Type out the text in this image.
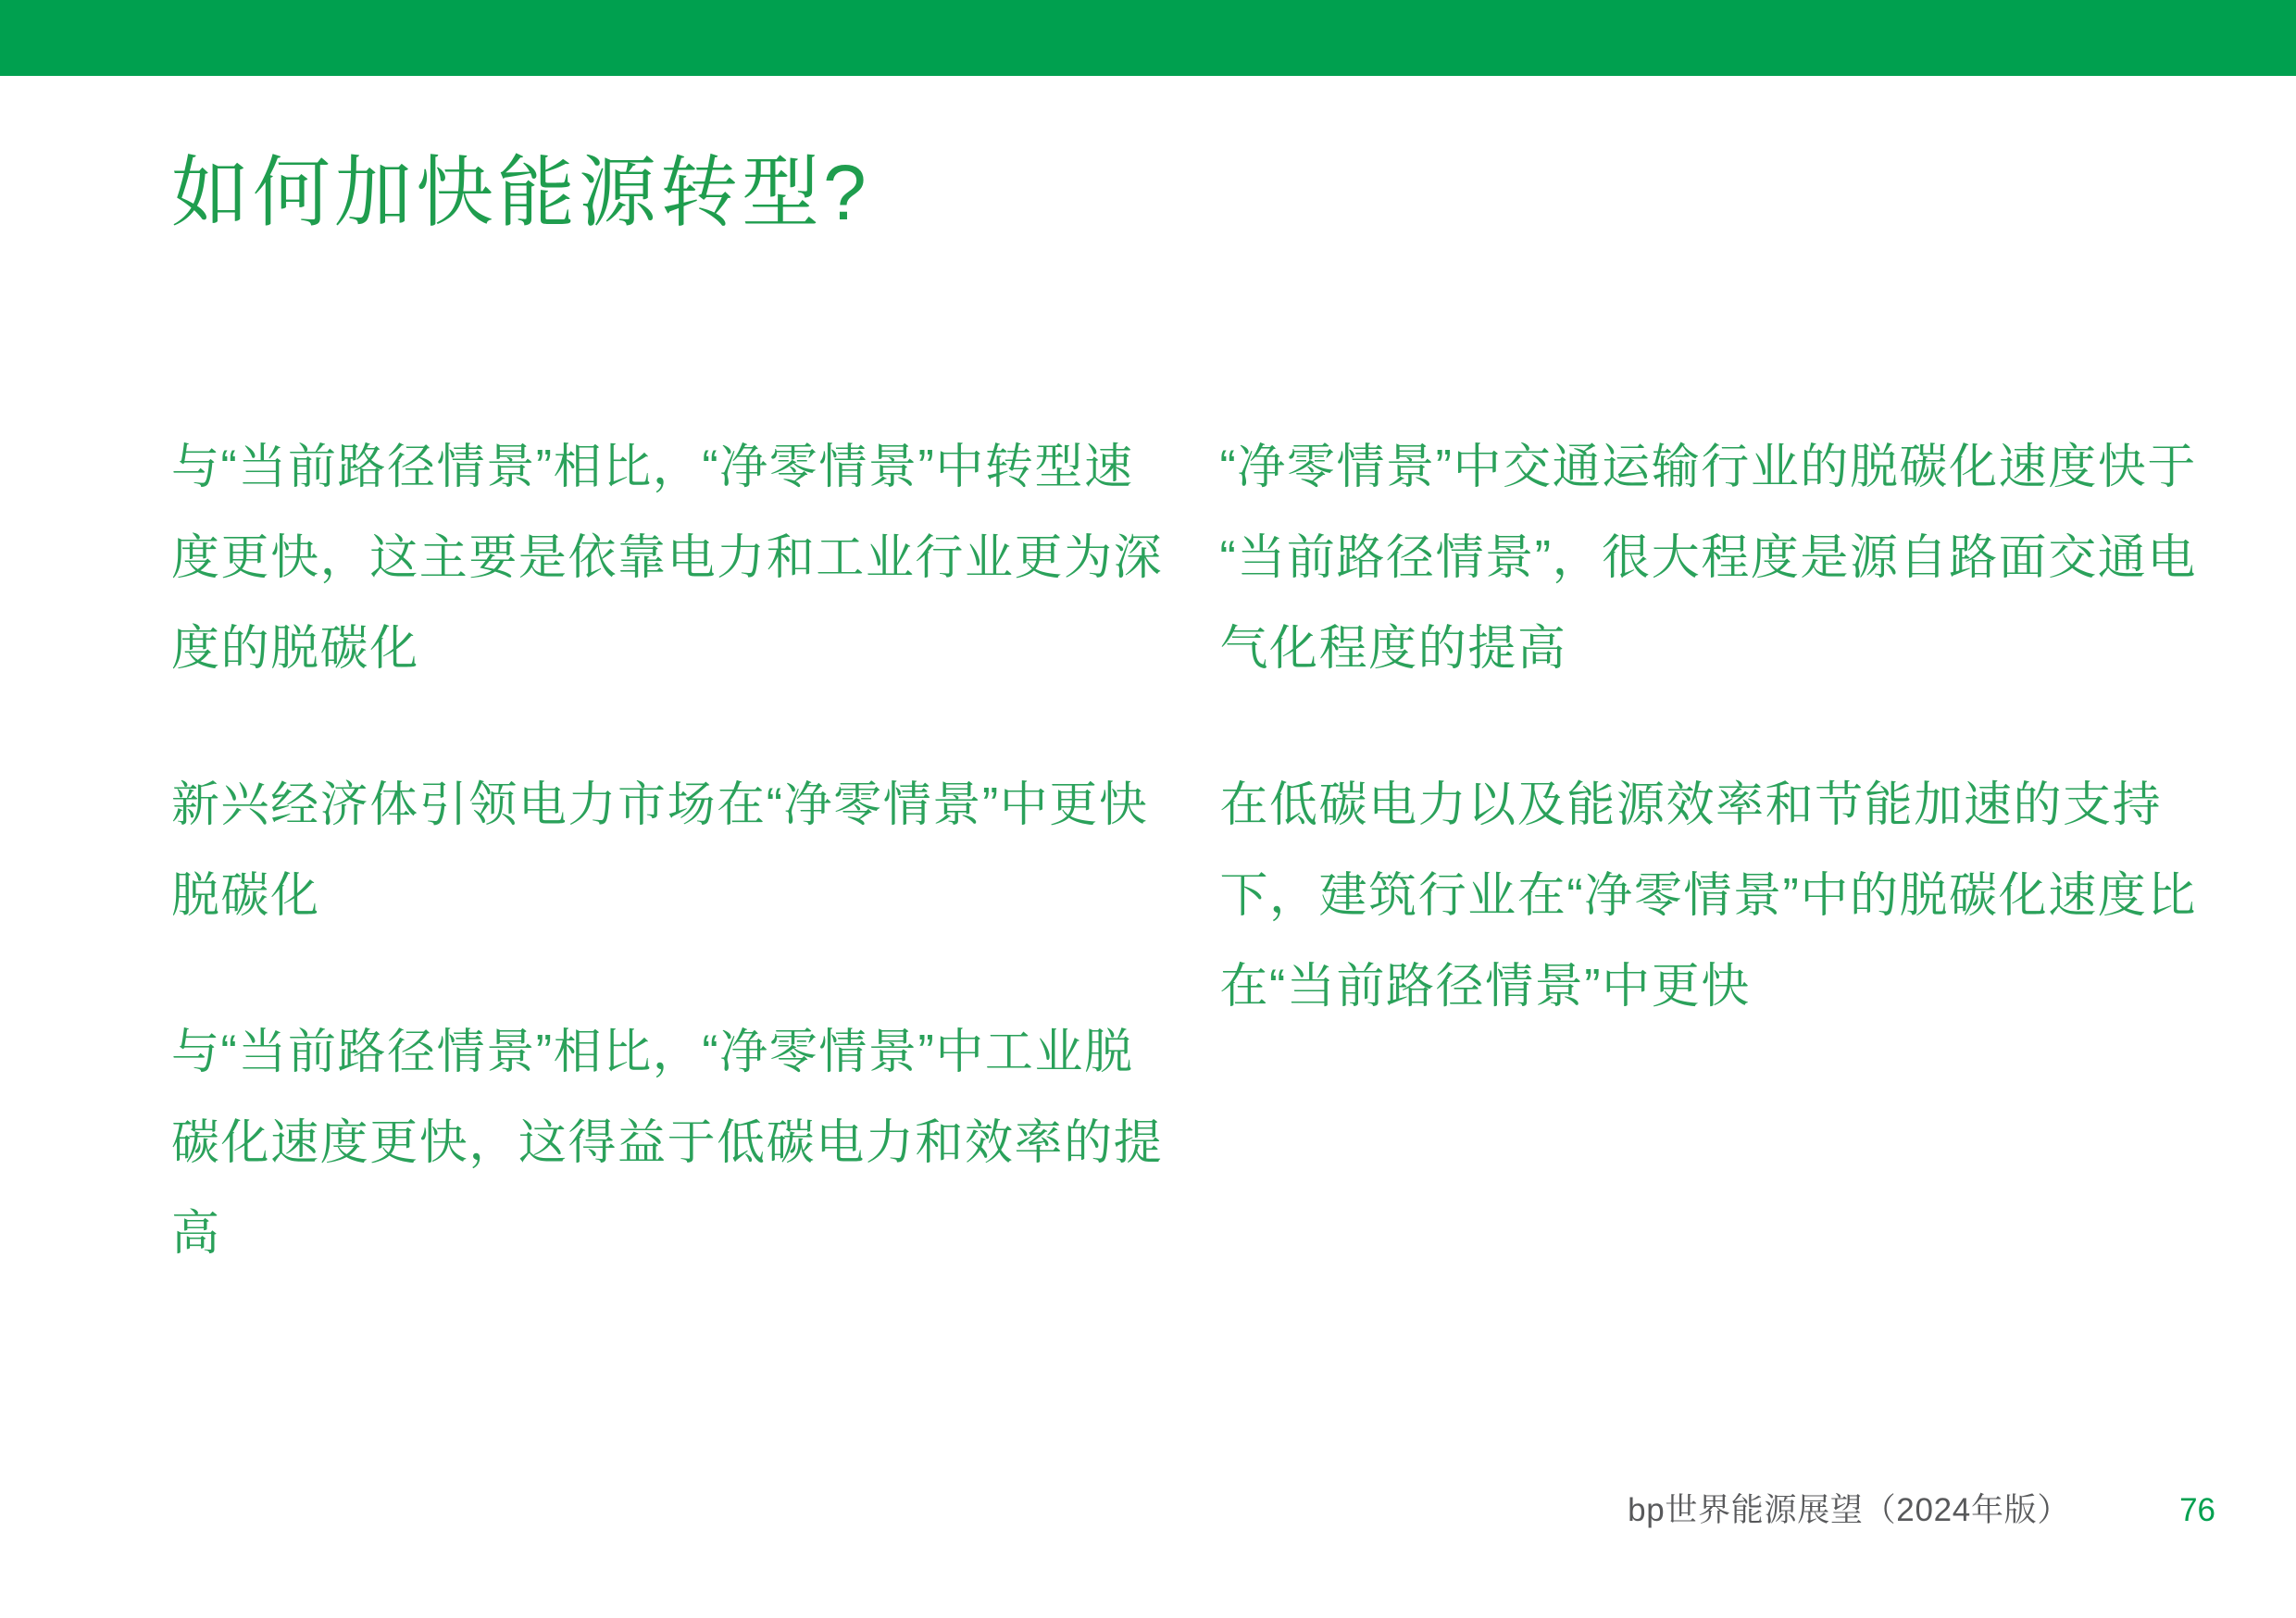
如何加快能源转型?

与“当前路径情景”相比，“净零情景”中转型速度更快，这主要是依靠电力和工业行业更为深度的脱碳化

新兴经济体引领电力市场在“净零情景”中更快脱碳化

与“当前路径情景”相比，“净零情景”中工业脱碳化速度更快，这得益于低碳电力和效率的提高

“净零情景”中交通运输行业的脱碳化速度快于“当前路径情景”，很大程度是源自路面交通电气化程度的提高

在低碳电力以及能源效率和节能加速的支持下，建筑行业在“净零情景”中的脱碳化速度比在“当前路径情景”中更快

bp世界能源展望（2024年版）	76
